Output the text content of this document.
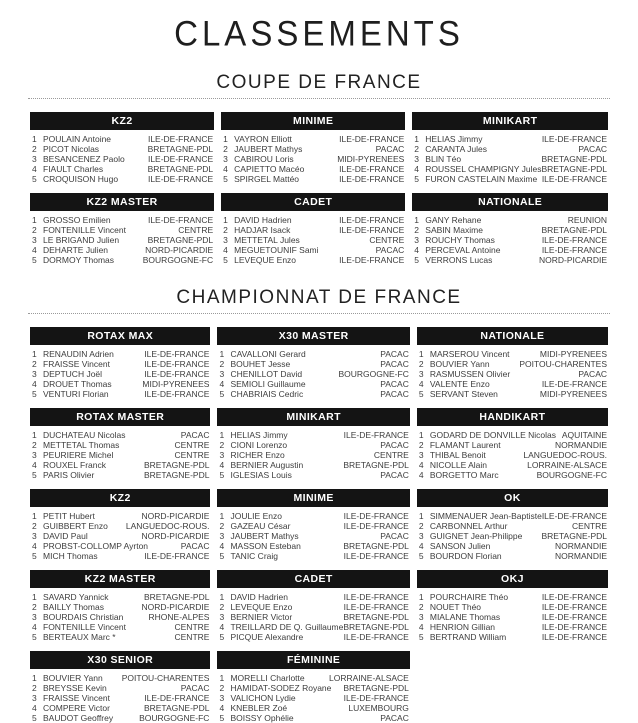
CLASSEMENTS
COUPE DE FRANCE
KZ2
1 POULAIN Antoine	ILE-DE-FRANCE
2 PICOT Nicolas	BRETAGNE-PDL
3 BESANCENEZ Paolo	ILE-DE-FRANCE
4 FIAULT Charles	BRETAGNE-PDL
5 CROQUISON Hugo	ILE-DE-FRANCE
MINIME
1 VAYRON Elliott	ILE-DE-FRANCE
2 JAUBERT Mathys	PACAC
3 CABIROU Loris	MIDI-PYRENEES
4 CAPIETTO Macéo	ILE-DE-FRANCE
5 SPIRGEL Mattéo	ILE-DE-FRANCE
MINIKART
1 HELIAS Jimmy	ILE-DE-FRANCE
2 CARANTA Jules	PACAC
3 BLIN Téo	BRETAGNE-PDL
4 ROUSSEL CHAMPIGNY Jules BRETAGNE-PDL
5 FURON CASTELAIN Maxime ILE-DE-FRANCE
KZ2 MASTER
1 GROSSO Emilien	ILE-DE-FRANCE
2 FONTENILLE Vincent	CENTRE
3 LE BRIGAND Julien	BRETAGNE-PDL
4 DEHARTE Julien	NORD-PICARDIE
5 DORMOY Thomas	BOURGOGNE-FC
CADET
1 DAVID Hadrien	ILE-DE-FRANCE
2 HADJAR Isack	ILE-DE-FRANCE
3 METTETAL Jules	CENTRE
4 MEGUETOUNIF Sami	PACAC
5 LEVEQUE Enzo	ILE-DE-FRANCE
NATIONALE
1 GANY Rehane	REUNION
2 SABIN Maxime	BRETAGNE-PDL
3 ROUCHY Thomas	ILE-DE-FRANCE
4 PERCEVAL Antoine	ILE-DE-FRANCE
5 VERRONS Lucas	NORD-PICARDIE
CHAMPIONNAT DE FRANCE
ROTAX MAX
1 RENAUDIN Adrien	ILE-DE-FRANCE
2 FRAISSE Vincent	ILE-DE-FRANCE
3 DEPTUCH Joël	ILE-DE-FRANCE
4 DROUET Thomas	MIDI-PYRENEES
5 VENTURI Florian	ILE-DE-FRANCE
X30 MASTER
1 CAVALLONI Gerard	PACAC
2 BOUHET Jesse	PACAC
3 CHENILLOT David	BOURGOGNE-FC
4 SEMIOLI Guillaume	PACAC
5 CHABRIAIS Cedric	PACAC
NATIONALE
1 MARSEROU Vincent	MIDI-PYRENEES
2 BOUVIER Yann	POITOU-CHARENTES
3 RASMUSSEN Olivier	PACAC
4 VALENTE Enzo	ILE-DE-FRANCE
5 SERVANT Steven	MIDI-PYRENEES
ROTAX MASTER
1 DUCHATEAU Nicolas	PACAC
2 METTETAL Thomas	CENTRE
3 PEURIERE Michel	CENTRE
4 ROUXEL Franck	BRETAGNE-PDL
5 PARIS Olivier	BRETAGNE-PDL
MINIKART
1 HELIAS Jimmy	ILE-DE-FRANCE
2 CIONI Lorenzo	PACAC
3 RICHER Enzo	CENTRE
4 BERNIER Augustin	BRETAGNE-PDL
5 IGLESIAS Louis	PACAC
HANDIKART
1 GODARD DE DONVILLE Nicolas AQUITAINE
2 FLAMANT Laurent	NORMANDIE
3 THIBAL Benoit	LANGUEDOC-ROUS.
4 NICOLLE Alain	LORRAINE-ALSACE
4 BORGETTO Marc	BOURGOGNE-FC
KZ2
1 PETIT Hubert	NORD-PICARDIE
2 GUIBBERT Enzo	LANGUEDOC-ROUS.
3 DAVID Paul	NORD-PICARDIE
4 PROBST-COLLOMP Ayrton	PACAC
5 MICH Thomas	ILE-DE-FRANCE
MINIME
1 JOULIE Enzo	ILE-DE-FRANCE
2 GAZEAU César	ILE-DE-FRANCE
3 JAUBERT Mathys	PACAC
4 MASSON Esteban	BRETAGNE-PDL
5 TANIC Craig	ILE-DE-FRANCE
OK
1 SIMMENAUER Jean-Baptiste ILE-DE-FRANCE
2 CARBONNEL Arthur	CENTRE
3 GUIGNET Jean-Philippe	BRETAGNE-PDL
4 SANSON Julien	NORMANDIE
5 BOURDON Florian	NORMANDIE
KZ2 MASTER
1 SAVARD Yannick	BRETAGNE-PDL
2 BAILLY Thomas	NORD-PICARDIE
3 BOURDAIS Christian	RHONE-ALPES
4 FONTENILLE Vincent	CENTRE
5 BERTEAUX Marc *	CENTRE
CADET
1 DAVID Hadrien	ILE-DE-FRANCE
2 LEVEQUE Enzo	ILE-DE-FRANCE
3 BERNIER Victor	BRETAGNE-PDL
4 TREILLARD DE Q. Guillaume BRETAGNE-PDL
5 PICQUE Alexandre	ILE-DE-FRANCE
OKJ
1 POURCHAIRE Théo	ILE-DE-FRANCE
2 NOUET Théo	ILE-DE-FRANCE
3 MIALANE Thomas	ILE-DE-FRANCE
4 HENRION Gillian	ILE-DE-FRANCE
5 BERTRAND William	ILE-DE-FRANCE
X30 SENIOR
1 BOUVIER Yann	POITOU-CHARENTES
2 BREYSSE Kevin	PACAC
3 FRAISSE Vincent	ILE-DE-FRANCE
4 COMPERE Victor	BRETAGNE-PDL
5 BAUDOT Geoffrey	BOURGOGNE-FC
FÉMININE
1 MORELLI Charlotte	LORRAINE-ALSACE
2 HAMIDAT-SODEZ Royane	BRETAGNE-PDL
3 VALICHON Lydie	ILE-DE-FRANCE
4 KNEBLER Zoé	LUXEMBOURG
5 BOISSY Ophélie	PACAC
